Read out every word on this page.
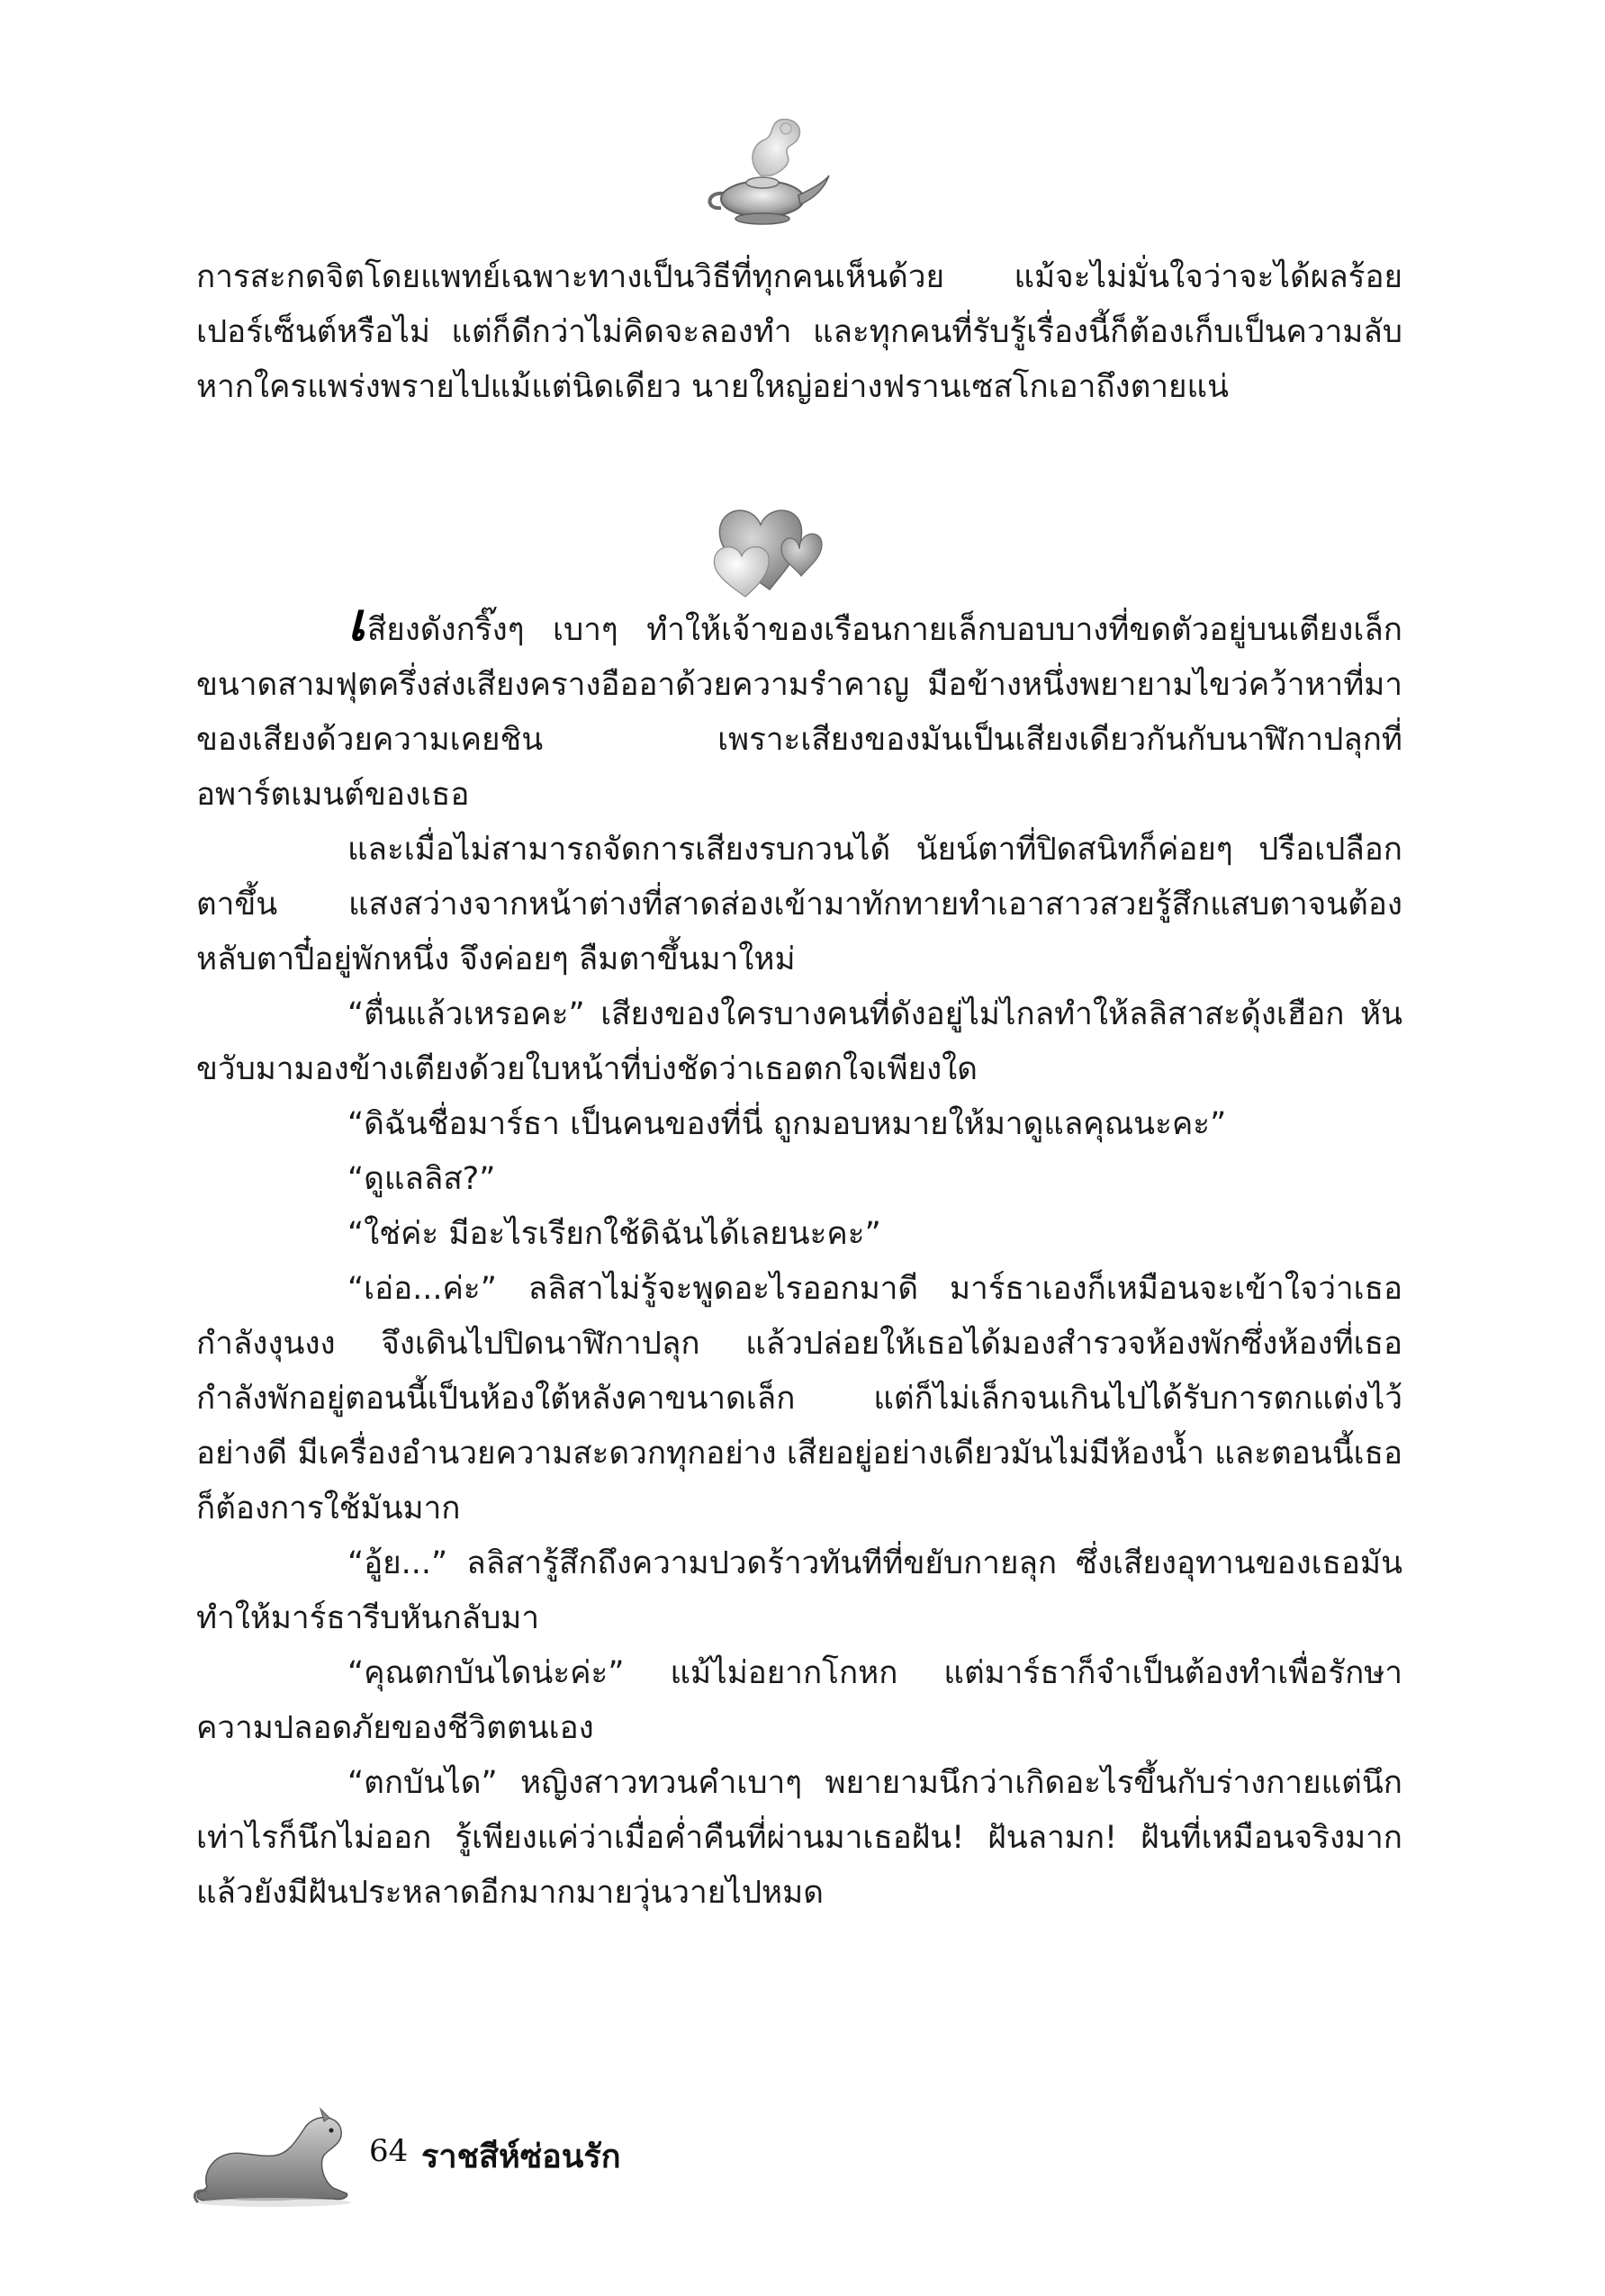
การสะกดจิตโดยแพทย์เฉพาะทางเป็นวิธีที่ทุกคนเห็นด้วย แม้จะไม่มั่นใจว่าจะได้ผลร้อยเปอร์เซ็นต์หรือไม่ แต่ก็ดีกว่าไม่คิดจะลองทำ และทุกคนที่รับรู้เรื่องนี้ก็ต้องเก็บเป็นความลับ หากใครแพร่งพรายไปแม้แต่นิดเดียว นายใหญ่อย่างฟรานเซสโกเอาถึงตายแน่

เสียงดังกริ๊งๆ เบาๆ ทำให้เจ้าของเรือนกายเล็กบอบบางที่ขดตัวอยู่บนเตียงเล็กขนาดสามฟุตครึ่งส่งเสียงครางอืออาด้วยความรำคาญ มือข้างหนึ่งพยายามไขว่คว้าหาที่มาของเสียงด้วยความเคยชิน เพราะเสียงของมันเป็นเสียงเดียวกันกับนาฬิกาปลุกที่อพาร์ตเมนต์ของเธอ

และเมื่อไม่สามารถจัดการเสียงรบกวนได้ นัยน์ตาที่ปิดสนิทก็ค่อยๆ ปรือเปลือกตาขึ้น แสงสว่างจากหน้าต่างที่สาดส่องเข้ามาทักทายทำเอาสาวสวยรู้สึกแสบตาจนต้องหลับตาปี๋อยู่พักหนึ่ง จึงค่อยๆ ลืมตาขึ้นมาใหม่

“ตื่นแล้วเหรอคะ” เสียงของใครบางคนที่ดังอยู่ไม่ไกลทำให้ลลิสาสะดุ้งเฮือก หันขวับมามองข้างเตียงด้วยใบหน้าที่บ่งชัดว่าเธอตกใจเพียงใด

“ดิฉันชื่อมาร์ธา เป็นคนของที่นี่ ถูกมอบหมายให้มาดูแลคุณนะคะ”

“ดูแลลิส?”

“ใช่ค่ะ มีอะไรเรียกใช้ดิฉันได้เลยนะคะ”

“เอ่อ...ค่ะ” ลลิสาไม่รู้จะพูดอะไรออกมาดี มาร์ธาเองก็เหมือนจะเข้าใจว่าเธอกำลังงุนงง จึงเดินไปปิดนาฬิกาปลุก แล้วปล่อยให้เธอได้มองสำรวจห้องพักซึ่งห้องที่เธอกำลังพักอยู่ตอนนี้เป็นห้องใต้หลังคาขนาดเล็ก แต่ก็ไม่เล็กจนเกินไปได้รับการตกแต่งไว้อย่างดี มีเครื่องอำนวยความสะดวกทุกอย่าง เสียอยู่อย่างเดียวมันไม่มีห้องน้ำ และตอนนี้เธอก็ต้องการใช้มันมาก

“อู้ย...” ลลิสารู้สึกถึงความปวดร้าวทันทีที่ขยับกายลุก ซึ่งเสียงอุทานของเธอมันทำให้มาร์ธารีบหันกลับมา

“คุณตกบันไดน่ะค่ะ” แม้ไม่อยากโกหก แต่มาร์ธาก็จำเป็นต้องทำเพื่อรักษาความปลอดภัยของชีวิตตนเอง

“ตกบันได” หญิงสาวทวนคำเบาๆ พยายามนึกว่าเกิดอะไรขึ้นกับร่างกายแต่นึกเท่าไรก็นึกไม่ออก รู้เพียงแค่ว่าเมื่อค่ำคืนที่ผ่านมาเธอฝัน! ฝันลามก! ฝันที่เหมือนจริงมาก แล้วยังมีฝันประหลาดอีกมากมายวุ่นวายไปหมด

64 ราชสีห์ซ่อนรัก
